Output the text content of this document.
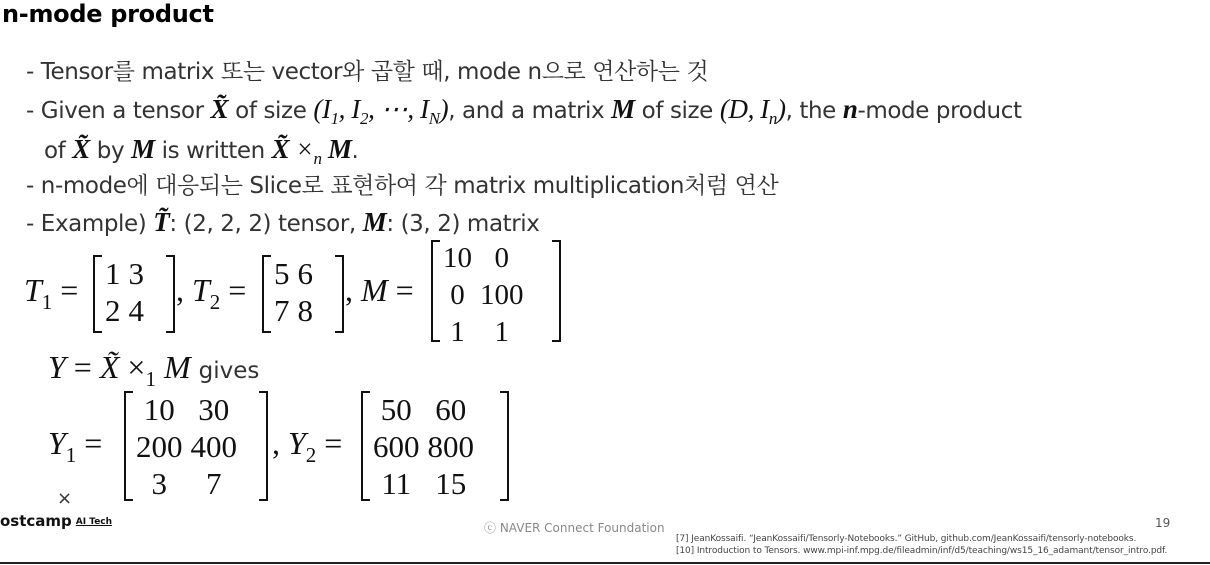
n-mode product
- Tensor를 matrix 또는 vector와 곱할 때, mode n으로 연산하는 것
- Given a tensor X̃ of size ($I_1$, $I_2$, ⋯, $I_N$), and a matrix M of size (D, $I_n$), the n-mode product
of X̃ by M is written X̃ $\times_n$ M.
- n-mode에 대응되는 Slice로 표현하여 각 matrix multiplication처럼 연산
- Example) T̃: (2, 2, 2) tensor, M: (3, 2) matrix
$T_1 = 1$	3
2	4
, $T_2 = 5$	6
7	8
, M =
10	0
0	100
1	1
Y = X̃ $\times_1$ M gives
$Y_1$ =
10	30
200	400
3	7
, $Y_2$ =
50	60
600	800
11	15
×
ostcamp AI Tech	ⓒ NAVER Connect Foundation	19
[7] JeanKossaifi. “JeanKossaifi/Tensorly-Notebooks.” GitHub, github.com/JeanKossaifi/tensorly-notebooks.
[10] Introduction to Tensors. www.mpi-inf.mpg.de/fileadmin/inf/d5/teaching/ws15_16_adamant/tensor_intro.pdf.
